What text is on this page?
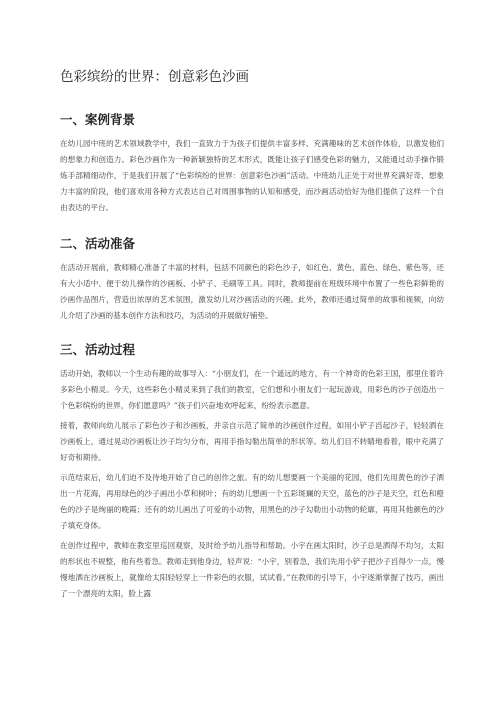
色彩缤纷的世界：创意彩色沙画
一、案例背景

在幼儿园中班的艺术领域教学中，我们一直致力于为孩子们提供丰富多样、充满趣味的艺术创作体验，以激发他们的想象力和创造力。彩色沙画作为一种新颖独特的艺术形式，既能让孩子们感受色彩的魅力，又能通过动手操作锻炼手部精细动作，于是我们开展了“色彩缤纷的世界：创意彩色沙画”活动。中班幼儿正处于对世界充满好奇、想象力丰富的阶段，他们喜欢用各种方式表达自己对周围事物的认知和感受，而沙画活动恰好为他们提供了这样一个自由表达的平台。

二、活动准备

在活动开展前，教师精心准备了丰富的材料，包括不同颜色的彩色沙子，如红色、黄色、蓝色、绿色、紫色等，还有大小适中、便于幼儿操作的沙画板、小铲子、毛刷等工具。同时，教师提前在班级环境中布置了一些色彩鲜艳的沙画作品图片，营造出浓厚的艺术氛围，激发幼儿对沙画活动的兴趣。此外，教师还通过简单的故事和视频，向幼儿介绍了沙画的基本创作方法和技巧，为活动的开展做好铺垫。

三、活动过程

活动开始，教师以一个生动有趣的故事导入：“小朋友们，在一个遥远的地方，有一个神奇的色彩王国，那里住着许多彩色小精灵。今天，这些彩色小精灵来到了我们的教室，它们想和小朋友们一起玩游戏，用彩色的沙子创造出一个色彩缤纷的世界，你们愿意吗？”孩子们兴奋地欢呼起来，纷纷表示愿意。

接着，教师向幼儿展示了彩色沙子和沙画板，并亲自示范了简单的沙画创作过程，如用小铲子舀起沙子，轻轻洒在沙画板上，通过晃动沙画板让沙子均匀分布，再用手指勾勒出简单的形状等。幼儿们目不转睛地看着，眼中充满了好奇和期待。

示范结束后，幼儿们迫不及待地开始了自己的创作之旅。有的幼儿想要画一个美丽的花园，他们先用黄色的沙子洒出一片花海，再用绿色的沙子画出小草和树叶；有的幼儿想画一个五彩斑斓的天空，蓝色的沙子是天空，红色和橙色的沙子是绚丽的晚霞；还有的幼儿画出了可爱的小动物，用黑色的沙子勾勒出小动物的轮廓，再用其他颜色的沙子填充身体。

在创作过程中，教师在教室里巡回观察，及时给予幼儿指导和帮助。小宇在画太阳时，沙子总是洒得不均匀，太阳的形状也不规整，他有些着急。教师走到他身边，轻声说：“小宇，别着急，我们先用小铲子把沙子舀得少一点，慢慢地洒在沙画板上，就像给太阳轻轻穿上一件彩色的衣服，试试看。”在教师的引导下，小宇逐渐掌握了技巧，画出了一个漂亮的太阳，脸上露
